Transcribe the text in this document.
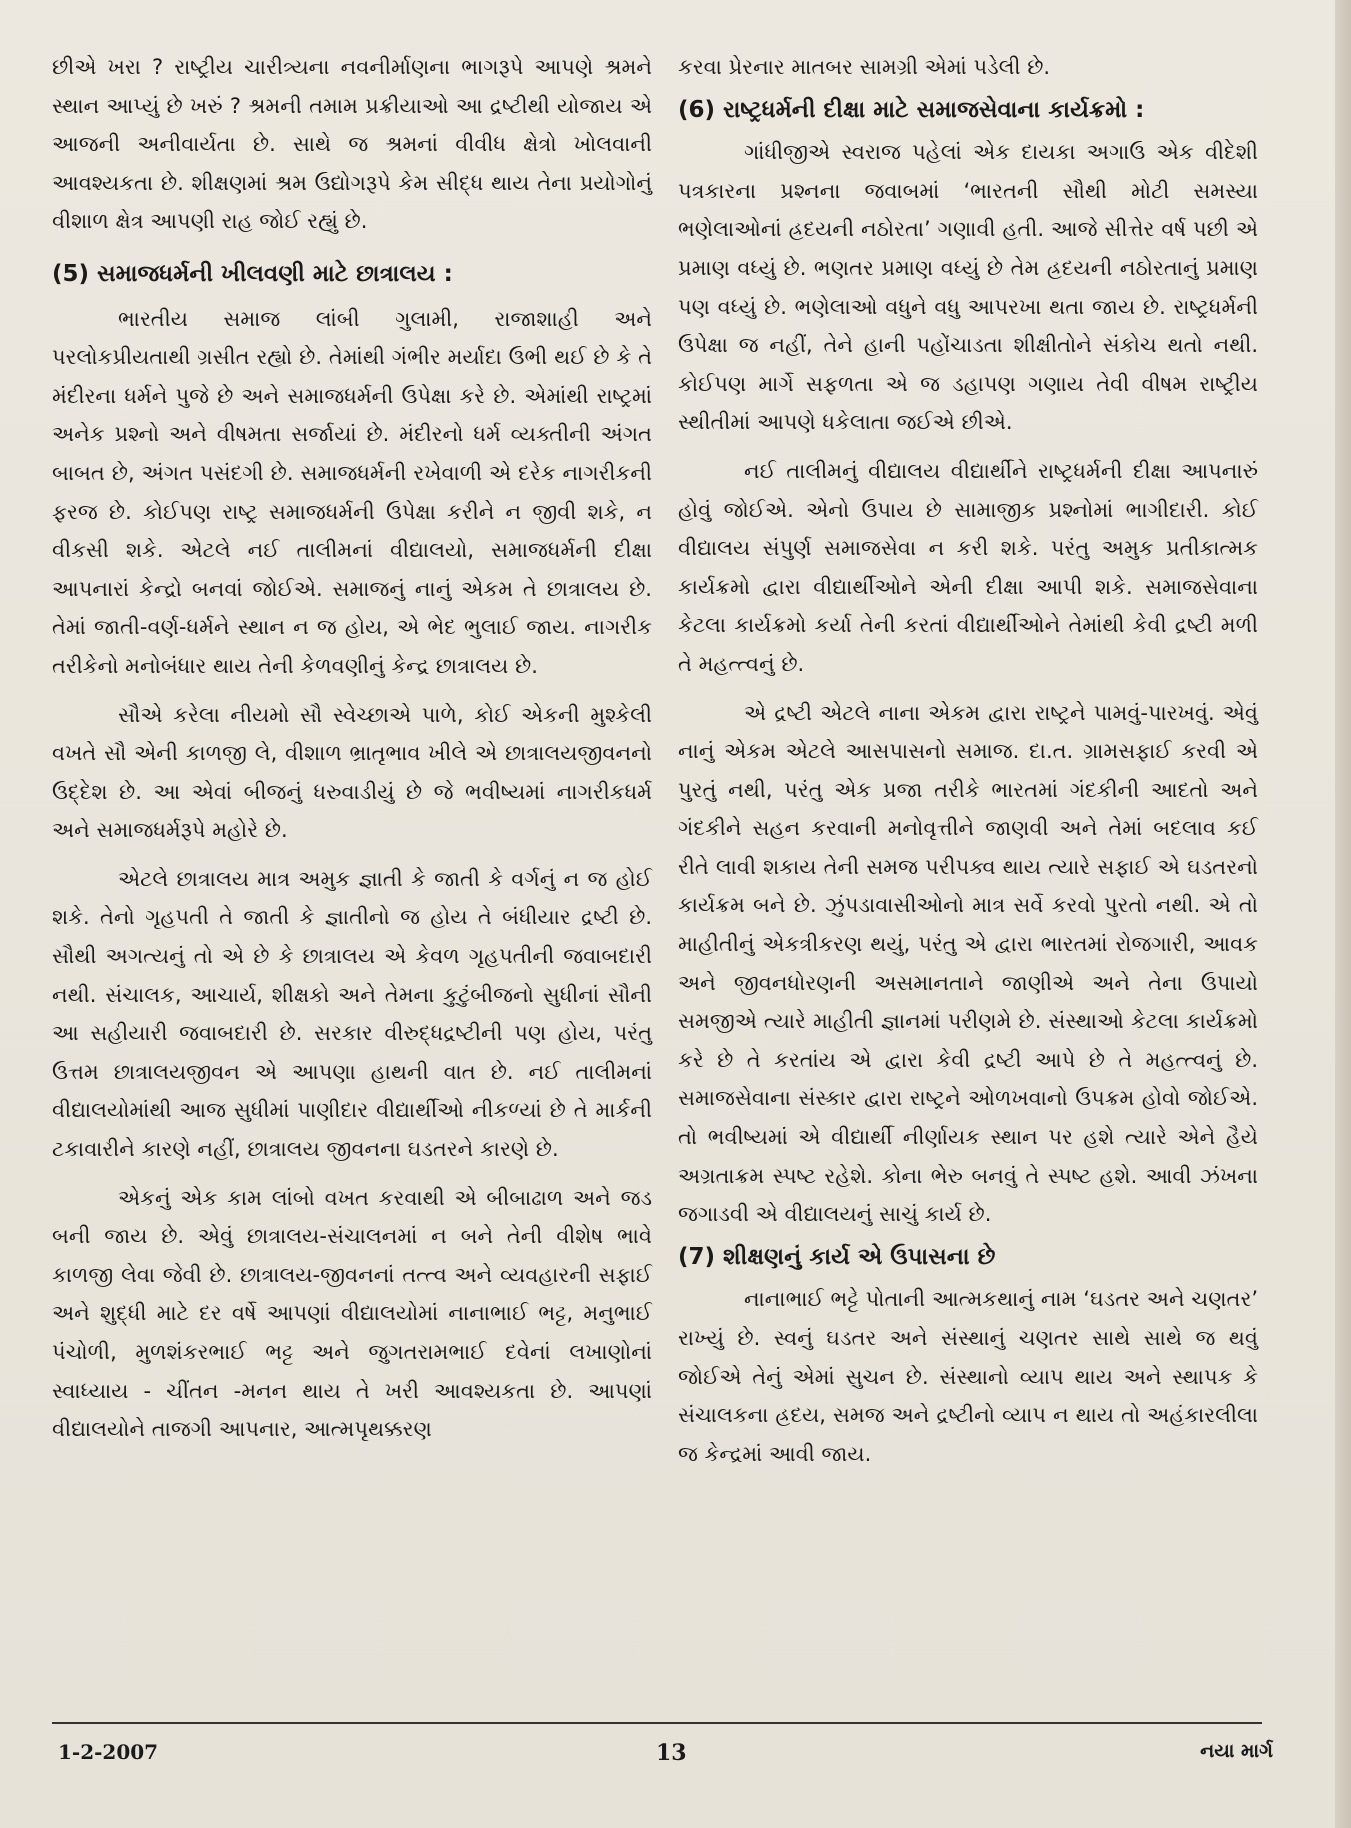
છીએ ખરા ? રાષ્ટ્રીય ચારીત્ર્યના નવનીર્માણના ભાગરૂપે આપણે શ્રમને સ્થાન આપ્યું છે ખરું ? શ્રમની તમામ પ્રક્રીયાઓ આ દ્રષ્ટીથી યોજાય એ આજની અનીવાર્યતા છે. સાથે જ શ્રમનાં વીવીધ ક્ષેત્રો ખોલવાની આવશ્યકતા છે. શીક્ષણમાં શ્રમ ઉદ્યોગરૂપે કેમ સીદ્ધ થાય તેના પ્રયોગોનું વીશાળ ક્ષેત્ર આપણી રાહ જોઈ રહ્યું છે.

(5) સમાજધર્મની ખીલવણી માટે છાત્રાલય :

ભારતીય સમાજ લાંબી ગુલામી, રાજાશાહી અને પરલોકપ્રીયતાથી ગ્રસીત રહ્યો છે. તેમાંથી ગંભીર મર્યાદા ઉભી થઈ છે કે તે મંદીરના ધર્મને પુજે છે અને સમાજધર્મની ઉપેક્ષા કરે છે. એમાંથી રાષ્ટ્રમાં અનેક પ્રશ્નો અને વીષમતા સર્જાયાં છે. મંદીરનો ધર્મ વ્યક્તીની અંગત બાબત છે, અંગત પસંદગી છે. સમાજધર્મની રખેવાળી એ દરેક નાગરીકની ફરજ છે. કોઈપણ રાષ્ટ્ર સમાજધર્મની ઉપેક્ષા કરીને ન જીવી શકે, ન વીકસી શકે. એટલે નઈ તાલીમનાં વીદ્યાલયો, સમાજધર્મની દીક્ષા આપનારાં કેન્દ્રો બનવાં જોઈએ. સમાજનું નાનું એકમ તે છાત્રાલય છે. તેમાં જાતી-વર્ણ-ધર્મને સ્થાન ન જ હોય, એ ભેદ ભુલાઈ જાય. નાગરીક તરીકેનો મનોબંધાર થાય તેની કેળવણીનું કેન્દ્ર છાત્રાલય છે.

સૌએ કરેલા નીયમો સૌ સ્વેચ્છાએ પાળે, કોઈ એકની મુશ્કેલી વખતે સૌ એની કાળજી લે, વીશાળ ભ્રાતૃભાવ ખીલે એ છાત્રાલયજીવનનો ઉદ્દેશ છે. આ એવાં બીજનું ધરુવાડીયું છે જે ભવીષ્યમાં નાગરીકધર્મ અને સમાજધર્મરૂપે મહોરે છે.

એટલે છાત્રાલય માત્ર અમુક જ્ઞાતી કે જાતી કે વર્ગનું ન જ હોઈ શકે. તેનો ગૃહપતી તે જાતી કે જ્ઞાતીનો જ હોય તે બંધીયાર દ્રષ્ટી છે. સૌથી અગત્યનું તો એ છે કે છાત્રાલય એ કેવળ ગૃહપતીની જવાબદારી નથી. સંચાલક, આચાર્ય, શીક્ષકો અને તેમના કુટુંબીજનો સુધીનાં સૌની આ સહીયારી જવાબદારી છે. સરકાર વીરુદ્ધદ્રષ્ટીની પણ હોય, પરંતુ ઉત્તમ છાત્રાલયજીવન એ આપણા હાથની વાત છે. નઈ તાલીમનાં વીદ્યાલયોમાંથી આજ સુધીમાં પાણીદાર વીદ્યાર્થીઓ નીકળ્યાં છે તે માર્કની ટકાવારીને કારણે નહીં, છાત્રાલય જીવનના ઘડતરને કારણે છે.

એકનું એક કામ લાંબો વખત કરવાથી એ બીબાઢાળ અને જડ બની જાય છે. એવું છાત્રાલય-સંચાલનમાં ન બને તેની વીશેષ ભાવે કાળજી લેવા જેવી છે. છાત્રાલય-જીવનનાં તત્ત્વ અને વ્યવહારની સફાઈ અને શુદ્ધી માટે દર વર્ષે આપણાં વીદ્યાલયોમાં નાનાભાઈ ભટ્ટ, મનુભાઈ પંચોળી, મુળશંકરભાઈ ભટ્ટ અને જુગતરામભાઈ દવેનાં લખાણોનાં સ્વાધ્યાય - ચીંતન -મનન થાય તે ખરી આવશ્યકતા છે. આપણાં વીદ્યાલયોને તાજગી આપનાર, આત્મપૃથક્કરણ

કરવા પ્રેરનાર માતબર સામગ્રી એમાં પડેલી છે.

(6) રાષ્ટ્રધર્મની દીક્ષા માટે સમાજસેવાના કાર્યક્રમો :

ગાંધીજીએ સ્વરાજ પહેલાં એક દાયકા અગાઉ એક વીદેશી પત્રકારના પ્રશ્નના જવાબમાં ‘ભારતની સૌથી મોટી સમસ્યા ભણેલાઓનાં હ્રદયની નઠોરતા’ ગણાવી હતી. આજે સીત્તેર વર્ષ પછી એ પ્રમાણ વધ્યું છે. ભણતર પ્રમાણ વધ્યું છે તેમ હ્રદયની નઠોરતાનું પ્રમાણ પણ વધ્યું છે. ભણેલાઓ વધુને વધુ આપરખા થતા જાય છે. રાષ્ટ્રધર્મની ઉપેક્ષા જ નહીં, તેને હાની પહોંચાડતા શીક્ષીતોને સંકોચ થતો નથી. કોઈપણ માર્ગે સફળતા એ જ ડહાપણ ગણાય તેવી વીષમ રાષ્ટ્રીય સ્થીતીમાં આપણે ધકેલાતા જઈએ છીએ.

નઈ તાલીમનું વીદ્યાલય વીદ્યાર્થીને રાષ્ટ્રધર્મની દીક્ષા આપનારું હોવું જોઈએ. એનો ઉપાય છે સામાજીક પ્રશ્નોમાં ભાગીદારી. કોઈ વીદ્યાલય સંપુર્ણ સમાજસેવા ન કરી શકે. પરંતુ અમુક પ્રતીકાત્મક કાર્યક્રમો દ્વારા વીદ્યાર્થીઓને એની દીક્ષા આપી શકે. સમાજસેવાના કેટલા કાર્યક્રમો કર્યા તેની કરતાં વીદ્યાર્થીઓને તેમાંથી કેવી દ્રષ્ટી મળી તે મહત્ત્વનું છે.

એ દ્રષ્ટી એટલે નાના એકમ દ્વારા રાષ્ટ્રને પામવું-પારખવું. એવું નાનું એકમ એટલે આસપાસનો સમાજ. દા.ત. ગ્રામસફાઈ કરવી એ પુરતું નથી, પરંતુ એક પ્રજા તરીકે ભારતમાં ગંદકીની આદતો અને ગંદકીને સહન કરવાની મનોવૃત્તીને જાણવી અને તેમાં બદલાવ કઈ રીતે લાવી શકાય તેની સમજ પરીપક્વ થાય ત્યારે સફાઈ એ ઘડતરનો કાર્યક્રમ બને છે. ઝુંપડાવાસીઓનો માત્ર સર્વે કરવો પુરતો નથી. એ તો માહીતીનું એકત્રીકરણ થયું, પરંતુ એ દ્વારા ભારતમાં રોજગારી, આવક અને જીવનધોરણની અસમાનતાને જાણીએ અને તેના ઉપાયો સમજીએ ત્યારે માહીતી જ્ઞાનમાં પરીણમે છે. સંસ્થાઓ કેટલા કાર્યક્રમો કરે છે તે કરતાંય એ દ્વારા કેવી દ્રષ્ટી આપે છે તે મહત્ત્વનું છે. સમાજસેવાના સંસ્કાર દ્વારા રાષ્ટ્રને ઓળખવાનો ઉપક્રમ હોવો જોઈએ. તો ભવીષ્યમાં એ વીદ્યાર્થી નીર્ણાયક સ્થાન પર હશે ત્યારે એને હૈયે અગ્રતાક્રમ સ્પષ્ટ રહેશે. કોના ભેરુ બનવું તે સ્પષ્ટ હશે. આવી ઝંખના જગાડવી એ વીદ્યાલયનું સાચું કાર્ય છે.

(7) શીક્ષણનું કાર્ય એ ઉપાસના છે

નાનાભાઈ ભટ્ટે પોતાની આત્મકથાનું નામ ‘ઘડતર અને ચણતર’ રાખ્યું છે. સ્વનું ઘડતર અને સંસ્થાનું ચણતર સાથે સાથે જ થવું જોઈએ તેનું એમાં સુચન છે. સંસ્થાનો વ્યાપ થાય અને સ્થાપક કે સંચાલકના હ્રદય, સમજ અને દ્રષ્ટીનો વ્યાપ ન થાય તો અહંકારલીલા જ કેન્દ્રમાં આવી જાય.

1-2-2007	13	નયા માર્ગ
